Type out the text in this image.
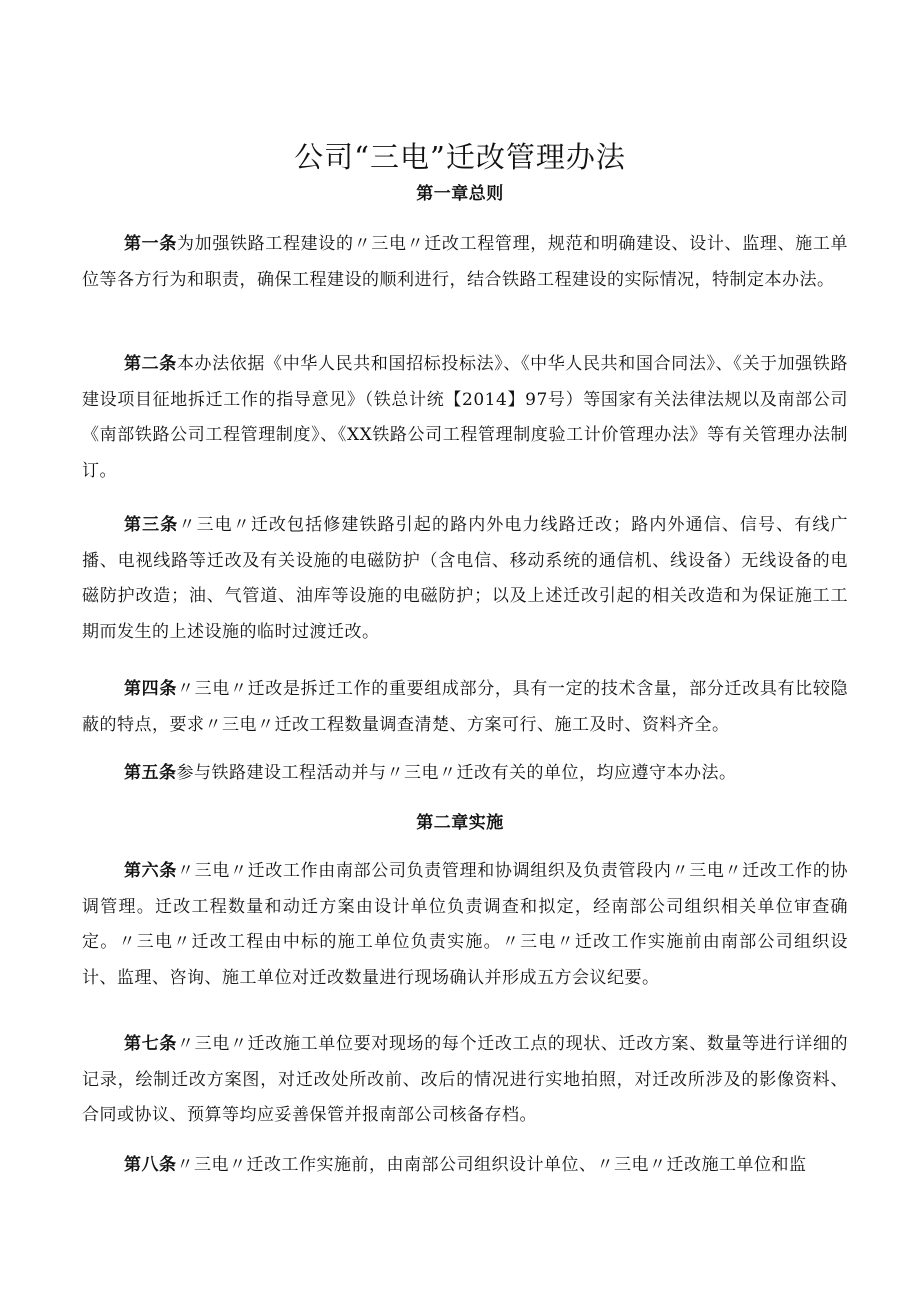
公司“三电”迁改管理办法
第一章总则

第一条为加强铁路工程建设的〃三电〃迁改工程管理，规范和明确建设、设计、监理、施工单位等各方行为和职责，确保工程建设的顺利进行，结合铁路工程建设的实际情况，特制定本办法。

第二条本办法依据《中华人民共和国招标投标法》、《中华人民共和国合同法》、《关于加强铁路建设项目征地拆迁工作的指导意见》（铁总计统【2014】97号）等国家有关法律法规以及南部公司《南部铁路公司工程管理制度》、《XX铁路公司工程管理制度验工计价管理办法》等有关管理办法制订。

第三条〃三电〃迁改包括修建铁路引起的路内外电力线路迁改；路内外通信、信号、有线广播、电视线路等迁改及有关设施的电磁防护（含电信、移动系统的通信机、线设备）无线设备的电磁防护改造；油、气管道、油库等设施的电磁防护；以及上述迁改引起的相关改造和为保证施工工期而发生的上述设施的临时过渡迁改。

第四条〃三电〃迁改是拆迁工作的重要组成部分，具有一定的技术含量，部分迁改具有比较隐蔽的特点，要求〃三电〃迁改工程数量调查清楚、方案可行、施工及时、资料齐全。

第五条参与铁路建设工程活动并与〃三电〃迁改有关的单位，均应遵守本办法。

第二章实施

第六条〃三电〃迁改工作由南部公司负责管理和协调组织及负责管段内〃三电〃迁改工作的协调管理。迁改工程数量和动迁方案由设计单位负责调查和拟定，经南部公司组织相关单位审查确定。〃三电〃迁改工程由中标的施工单位负责实施。〃三电〃迁改工作实施前由南部公司组织设计、监理、咨询、施工单位对迁改数量进行现场确认并形成五方会议纪要。

第七条〃三电〃迁改施工单位要对现场的每个迁改工点的现状、迁改方案、数量等进行详细的记录，绘制迁改方案图，对迁改处所改前、改后的情况进行实地拍照，对迁改所涉及的影像资料、合同或协议、预算等均应妥善保管并报南部公司核备存档。

第八条〃三电〃迁改工作实施前，由南部公司组织设计单位、〃三电〃迁改施工单位和监
